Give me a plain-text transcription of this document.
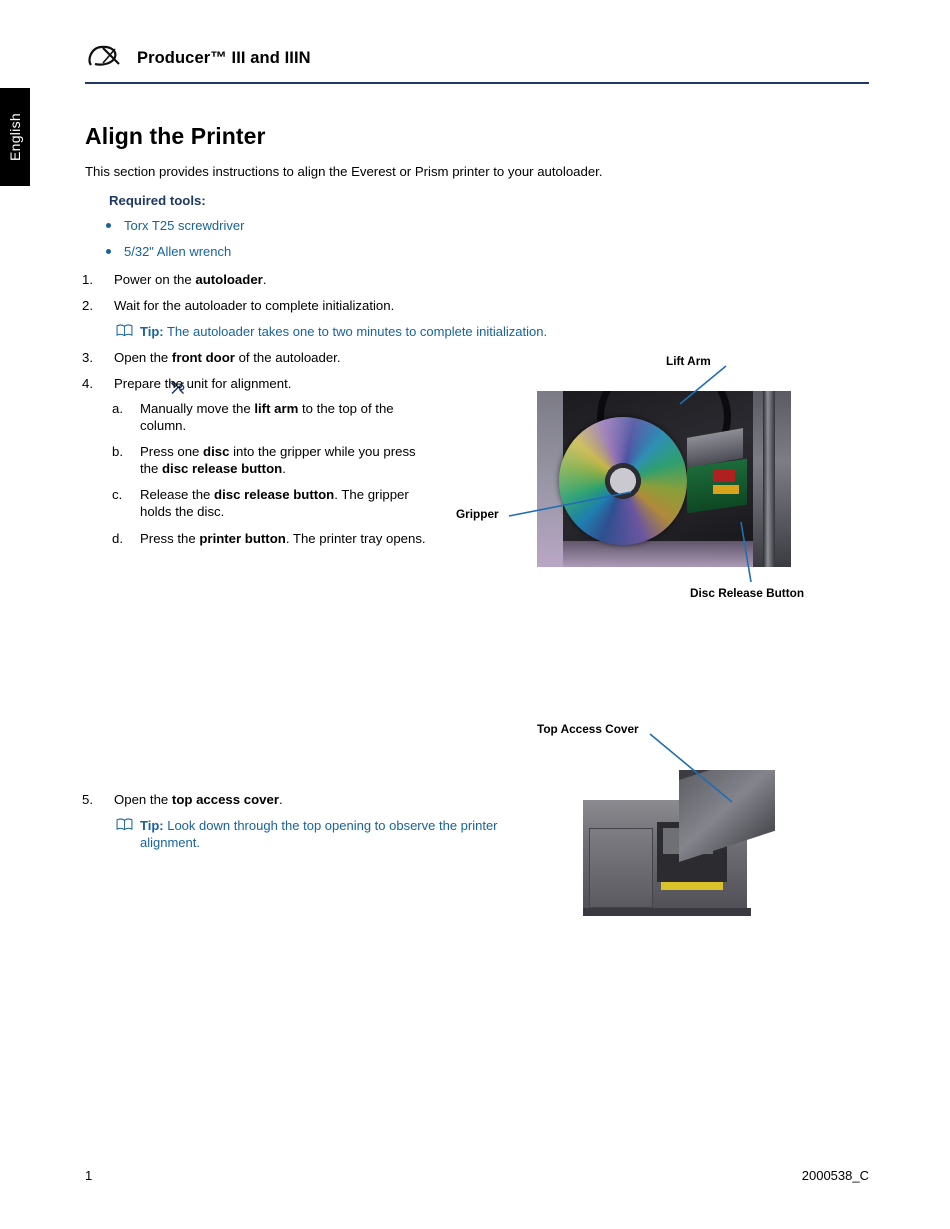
English
Producer™ III and IIIN
Align the Printer
This section provides instructions to align the Everest or Prism printer to your autoloader.
Required tools:
Torx T25 screwdriver
5/32" Allen wrench
1.	Power on the autoloader.
2.	Wait for the autoloader to complete initialization.
Tip: The autoloader takes one to two minutes to complete initialization.
3.	Open the front door of the autoloader.
4.	Prepare the unit for alignment.
a. Manually move the lift arm to the top of the column.
b. Press one disc into the gripper while you press the disc release button.
c. Release the disc release button. The gripper holds the disc.
d. Press the printer button. The printer tray opens.
Lift Arm
Gripper
Disc Release Button
Top Access Cover
5.	Open the top access cover.
Tip: Look down through the top opening to observe the printer alignment.
1	2000538_C
